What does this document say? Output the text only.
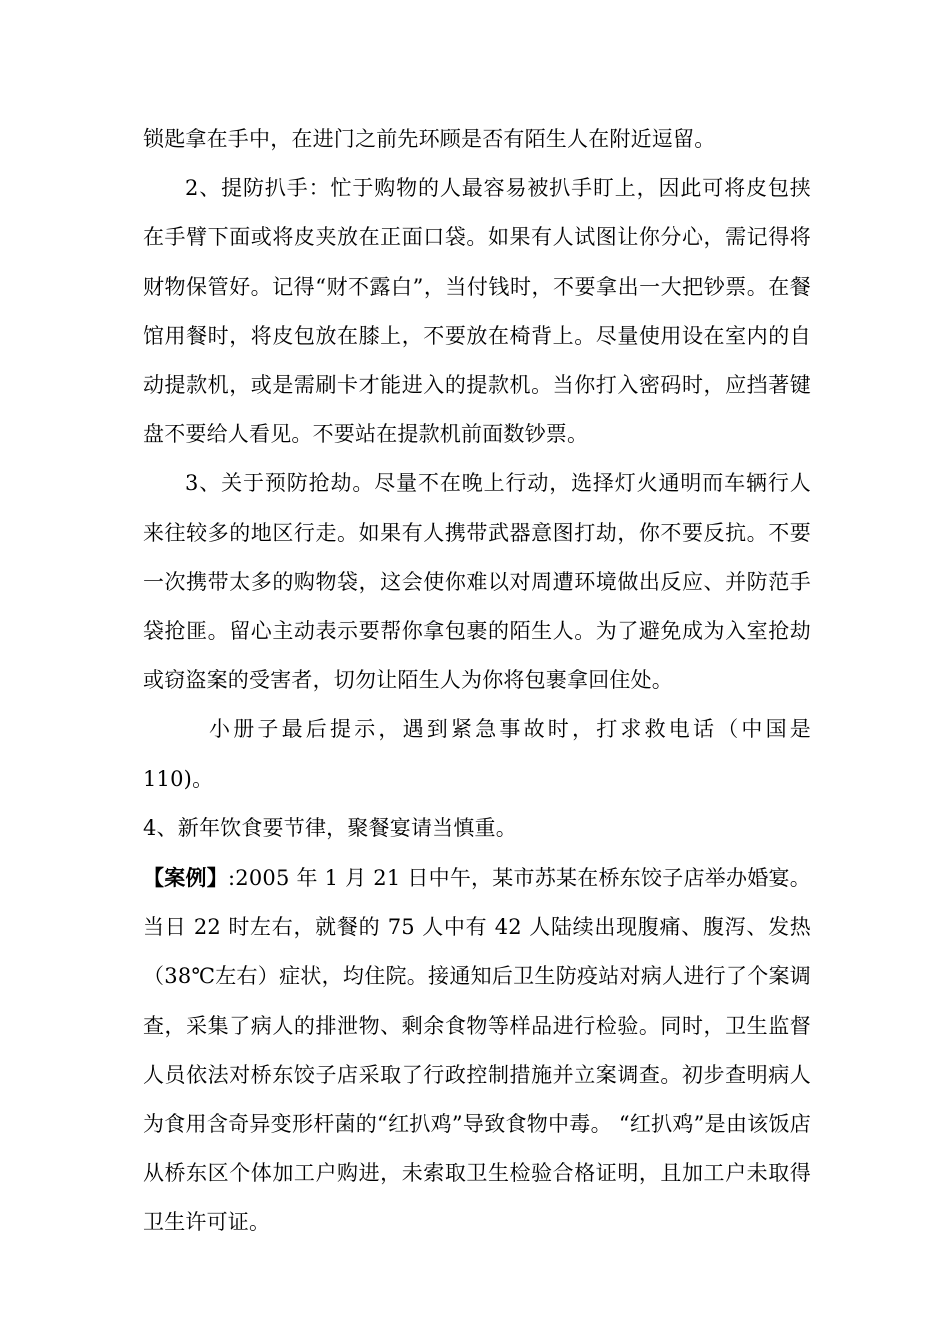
锁匙拿在手中，在进门之前先环顾是否有陌生人在附近逗留。

2、提防扒手：忙于购物的人最容易被扒手盯上，因此可将皮包挟在手臂下面或将皮夹放在正面口袋。如果有人试图让你分心，需记得将财物保管好。记得“财不露白”，当付钱时，不要拿出一大把钞票。在餐馆用餐时，将皮包放在膝上，不要放在椅背上。尽量使用设在室内的自动提款机，或是需刷卡才能进入的提款机。当你打入密码时，应挡著键盘不要给人看见。不要站在提款机前面数钞票。

3、关于预防抢劫。尽量不在晚上行动，选择灯火通明而车辆行人来往较多的地区行走。如果有人携带武器意图打劫，你不要反抗。不要一次携带太多的购物袋，这会使你难以对周遭环境做出反应、并防范手袋抢匪。留心主动表示要帮你拿包裹的陌生人。为了避免成为入室抢劫或窃盗案的受害者，切勿让陌生人为你将包裹拿回住处。

小册子最后提示，遇到紧急事故时，打求救电话（中国是 110)。

4、新年饮食要节律，聚餐宴请当慎重。

【案例】:2005 年 1 月 21 日中午，某市苏某在桥东饺子店举办婚宴。当日 22 时左右，就餐的 75 人中有 42 人陆续出现腹痛、腹泻、发热（38℃左右）症状，均住院。接通知后卫生防疫站对病人进行了个案调查，采集了病人的排泄物、剩余食物等样品进行检验。同时，卫生监督人员依法对桥东饺子店采取了行政控制措施并立案调查。初步查明病人为食用含奇异变形杆菌的“红扒鸡”导致食物中毒。 “红扒鸡”是由该饭店从桥东区个体加工户购进，未索取卫生检验合格证明，且加工户未取得卫生许可证。
